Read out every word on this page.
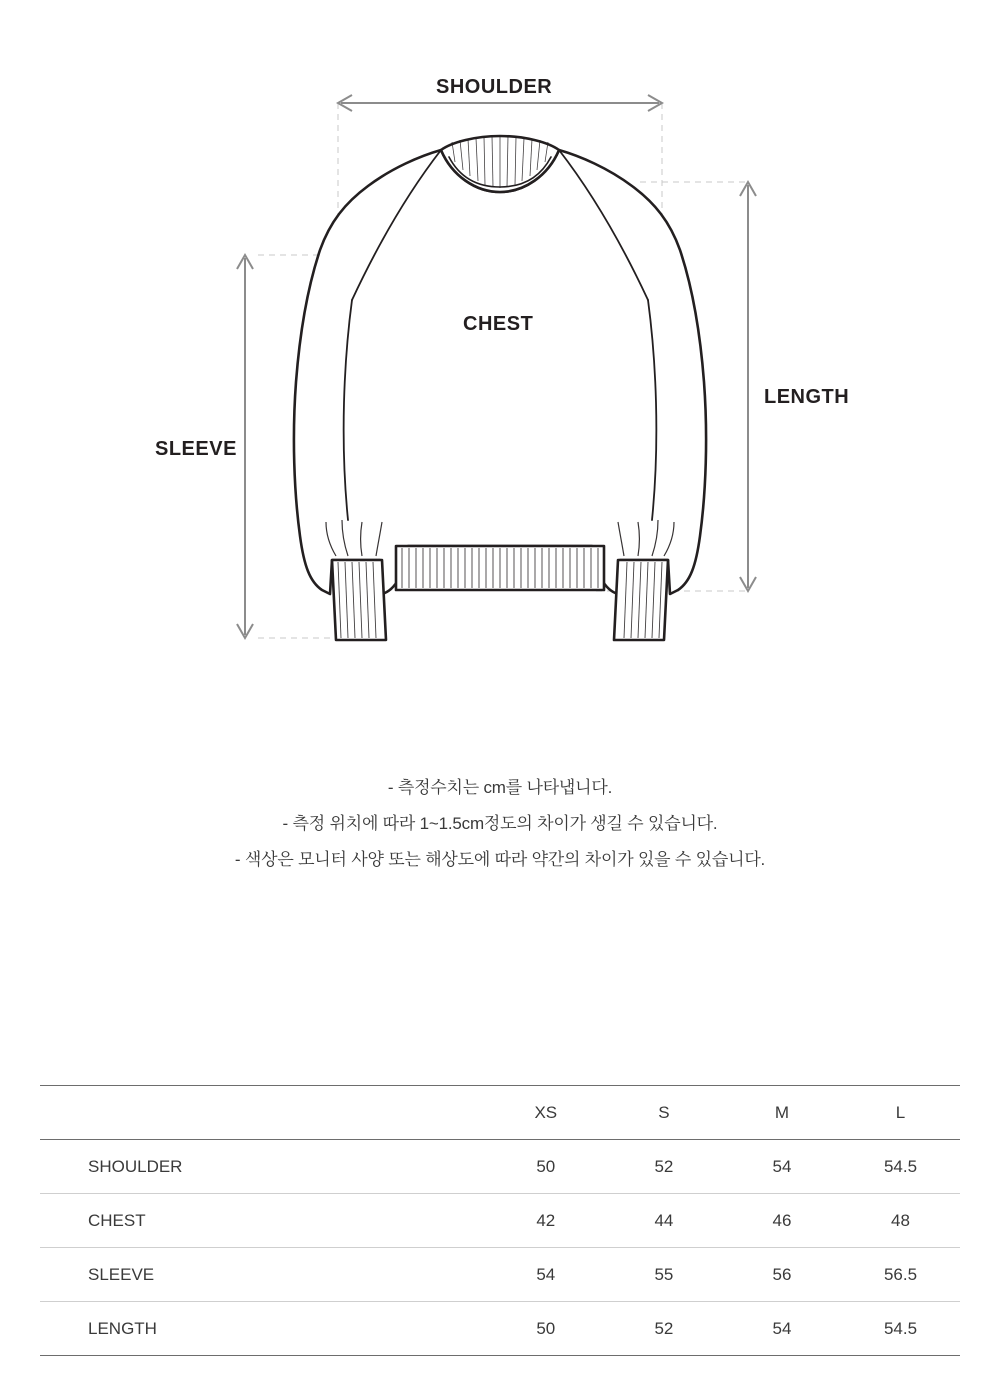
SHOULDER
CHEST
LENGTH
SLEEVE
- 측정수치는 cm를 나타냅니다.
- 측정 위치에 따라 1~1.5cm정도의 차이가 생길 수 있습니다.
- 색상은 모니터 사양 또는 해상도에 따라 약간의 차이가 있을 수 있습니다.
	XS	S	M	L
SHOULDER	50	52	54	54.5
CHEST	42	44	46	48
SLEEVE	54	55	56	56.5
LENGTH	50	52	54	54.5
